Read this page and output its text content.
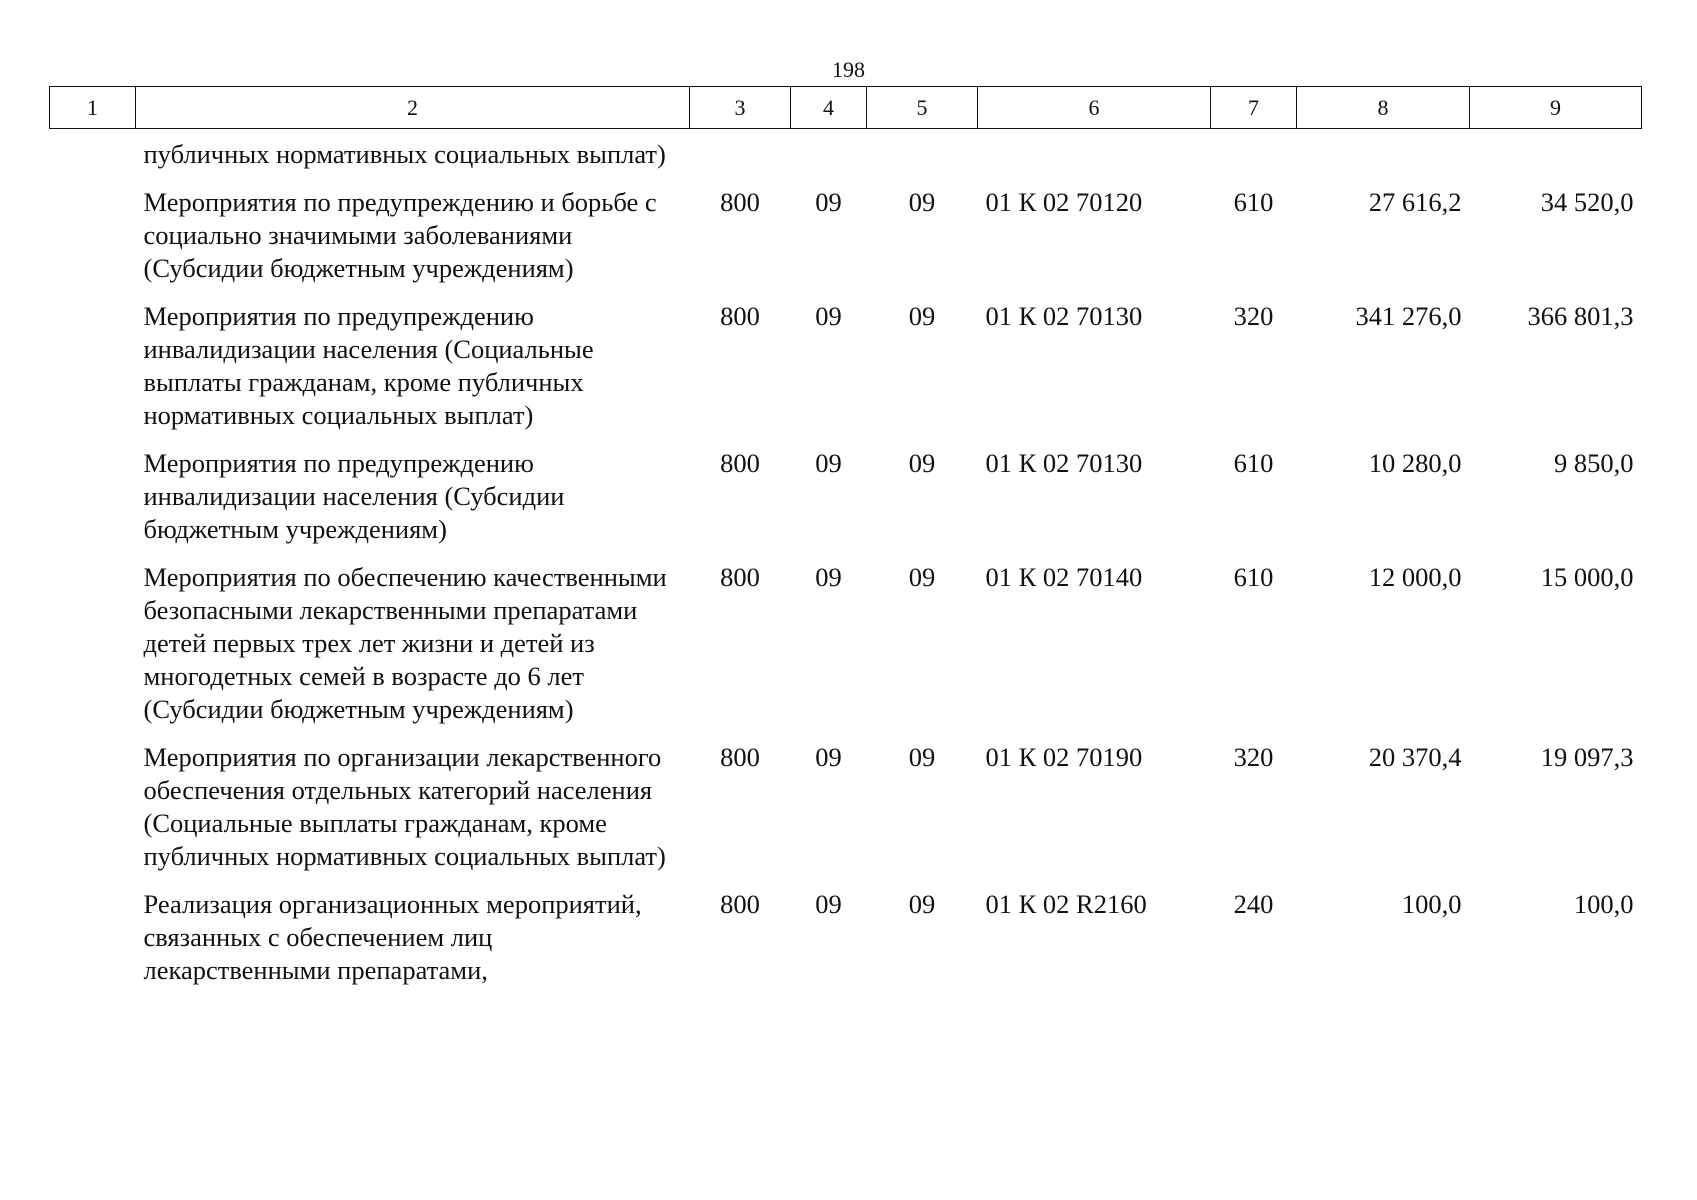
198
1	2	3	4	5	6	7	8	9
	публичных нормативных социальных выплат)							
	Мероприятия по предупреждению и борьбе с социально значимыми заболеваниями (Субсидии бюджетным учреждениям)	800	09	09	01 К 02 70120	610	27 616,2	34 520,0
	Мероприятия по предупреждению инвалидизации населения (Социальные выплаты гражданам, кроме публичных нормативных социальных выплат)	800	09	09	01 К 02 70130	320	341 276,0	366 801,3
	Мероприятия по предупреждению инвалидизации населения (Субсидии бюджетным учреждениям)	800	09	09	01 К 02 70130	610	10 280,0	9 850,0
	Мероприятия по обеспечению качественными безопасными лекарственными препаратами детей первых трех лет жизни и детей из многодетных семей в возрасте до 6 лет (Субсидии бюджетным учреждениям)	800	09	09	01 К 02 70140	610	12 000,0	15 000,0
	Мероприятия по организации лекарственного обеспечения отдельных категорий населения (Социальные выплаты гражданам, кроме публичных нормативных социальных выплат)	800	09	09	01 К 02 70190	320	20 370,4	19 097,3
	Реализация организационных мероприятий, связанных с обеспечением лиц лекарственными препаратами,	800	09	09	01 К 02 R2160	240	100,0	100,0
